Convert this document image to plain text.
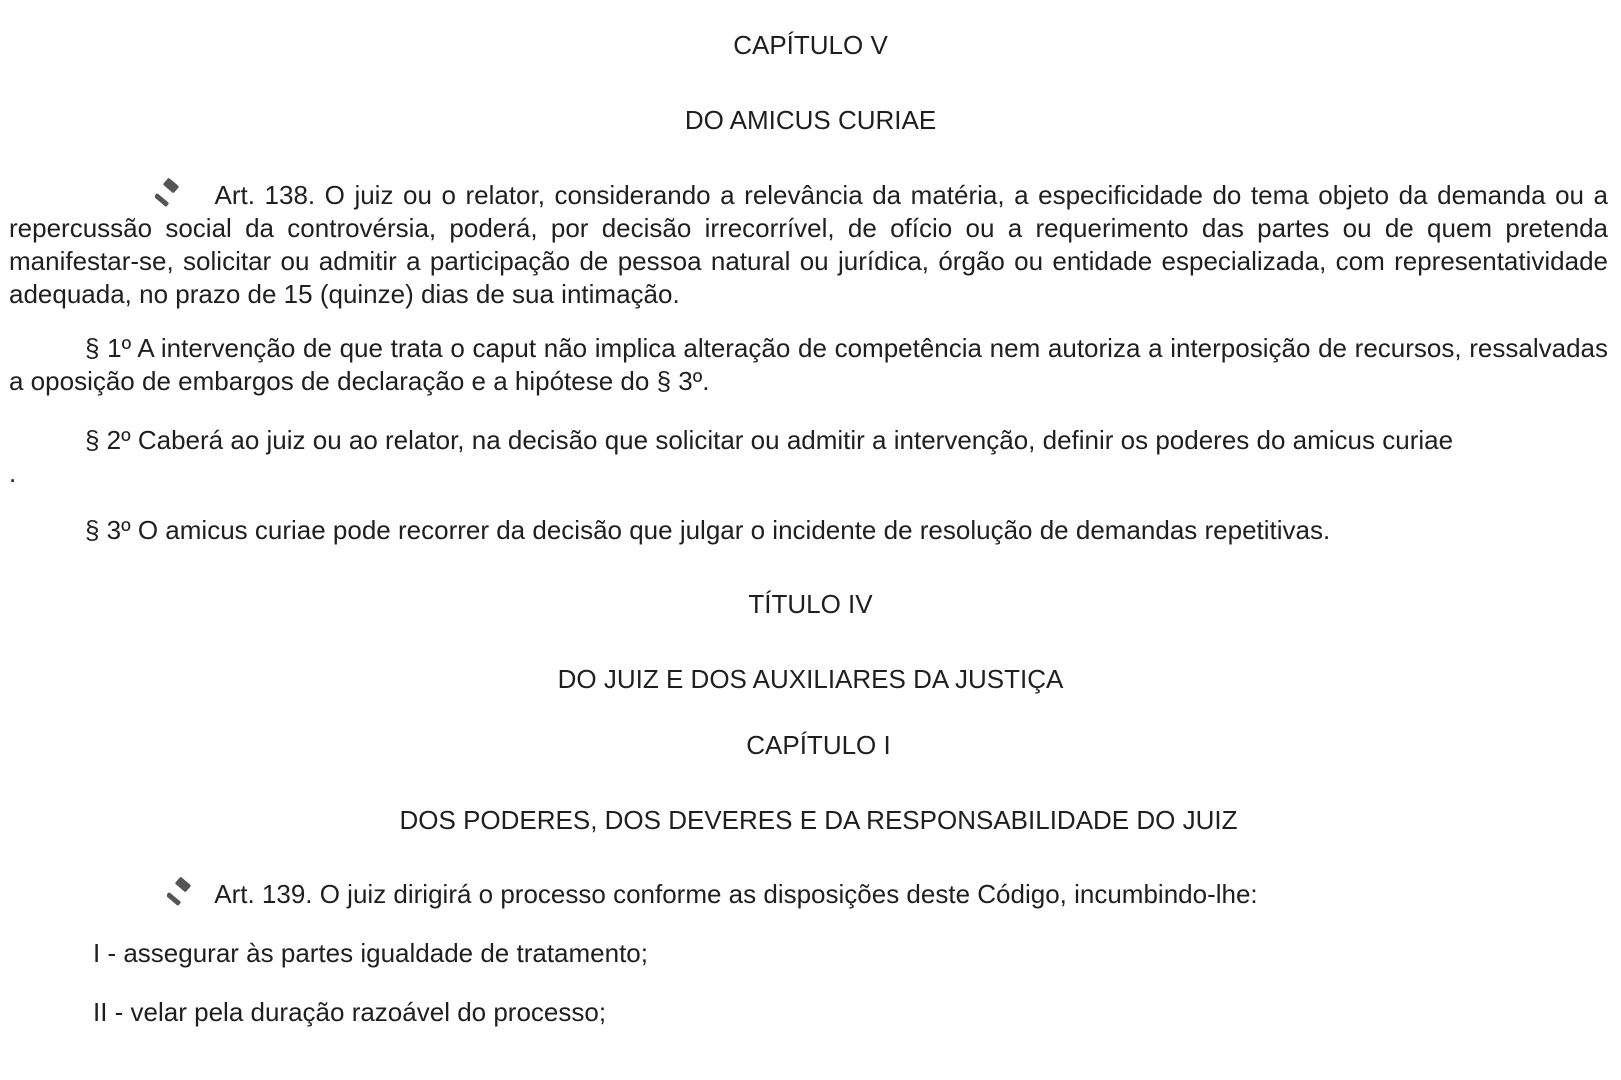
CAPÍTULO V
DO AMICUS CURIAE
Art. 138. O juiz ou o relator, considerando a relevância da matéria, a especificidade do tema objeto da demanda ou a repercussão social da controvérsia, poderá, por decisão irrecorrível, de ofício ou a requerimento das partes ou de quem pretenda manifestar-se, solicitar ou admitir a participação de pessoa natural ou jurídica, órgão ou entidade especializada, com representatividade adequada, no prazo de 15 (quinze) dias de sua intimação.
§ 1º A intervenção de que trata o caput não implica alteração de competência nem autoriza a interposição de recursos, ressalvadas a oposição de embargos de declaração e a hipótese do § 3º.
§ 2º Caberá ao juiz ou ao relator, na decisão que solicitar ou admitir a intervenção, definir os poderes do amicus curiae
.
§ 3º O amicus curiae pode recorrer da decisão que julgar o incidente de resolução de demandas repetitivas.
TÍTULO IV
DO JUIZ E DOS AUXILIARES DA JUSTIÇA
CAPÍTULO I
DOS PODERES, DOS DEVERES E DA RESPONSABILIDADE DO JUIZ
Art. 139. O juiz dirigirá o processo conforme as disposições deste Código, incumbindo-lhe:
I - assegurar às partes igualdade de tratamento;
II - velar pela duração razoável do processo;
